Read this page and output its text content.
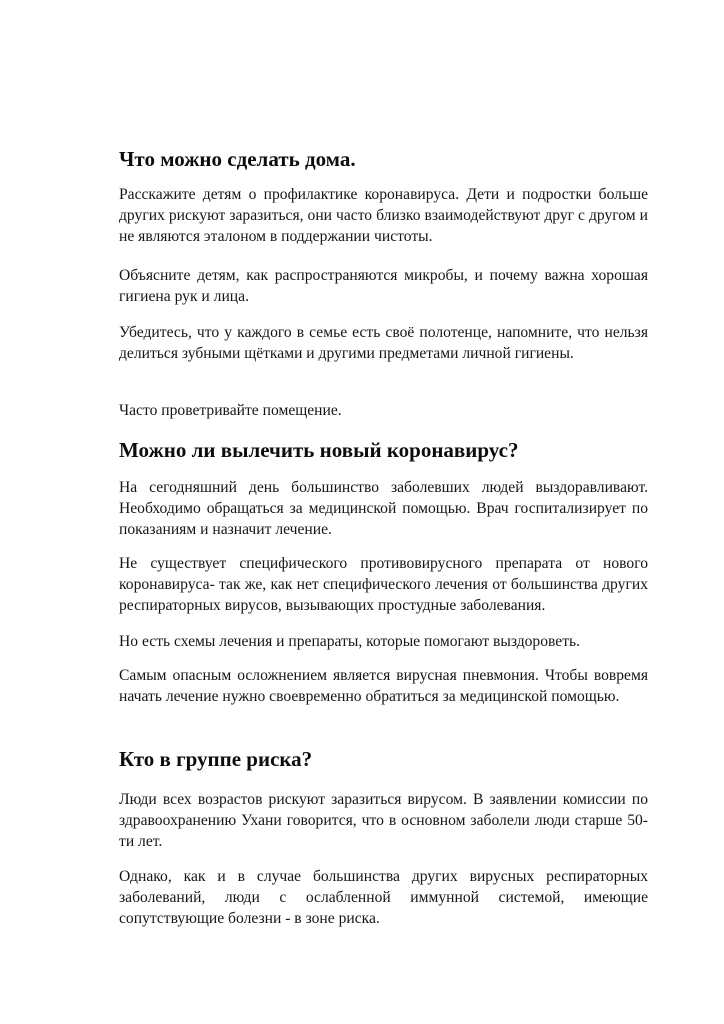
Что можно сделать дома.

Расскажите детям о профилактике коронавируса. Дети и подростки больше других рискуют заразиться, они часто близко взаимодействуют друг с другом и не являются эталоном в поддержании чистоты.

Объясните детям, как распространяются микробы, и почему важна хорошая гигиена рук и лица.

Убедитесь, что у каждого в семье есть своё полотенце, напомните, что нельзя делиться зубными щётками и другими предметами личной гигиены.

Часто проветривайте помещение.

Можно ли вылечить новый коронавирус?

На сегодняшний день большинство заболевших людей выздоравливают. Необходимо обращаться за медицинской помощью. Врач госпитализирует по показаниям и назначит лечение.

Не существует специфического противовирусного препарата от нового коронавируса- так же, как нет специфического лечения от большинства других респираторных вирусов, вызывающих простудные заболевания.

Но есть схемы лечения и препараты, которые помогают выздороветь.

Самым опасным осложнением является вирусная пневмония. Чтобы вовремя начать лечение нужно своевременно обратиться за медицинской помощью.

Кто в группе риска?

Люди всех возрастов рискуют заразиться вирусом. В заявлении комиссии по здравоохранению Ухани говорится, что в основном заболели люди старше 50-ти лет.

Однако, как и в случае большинства других вирусных респираторных заболеваний, люди с ослабленной иммунной системой, имеющие сопутствующие болезни - в зоне риска.
